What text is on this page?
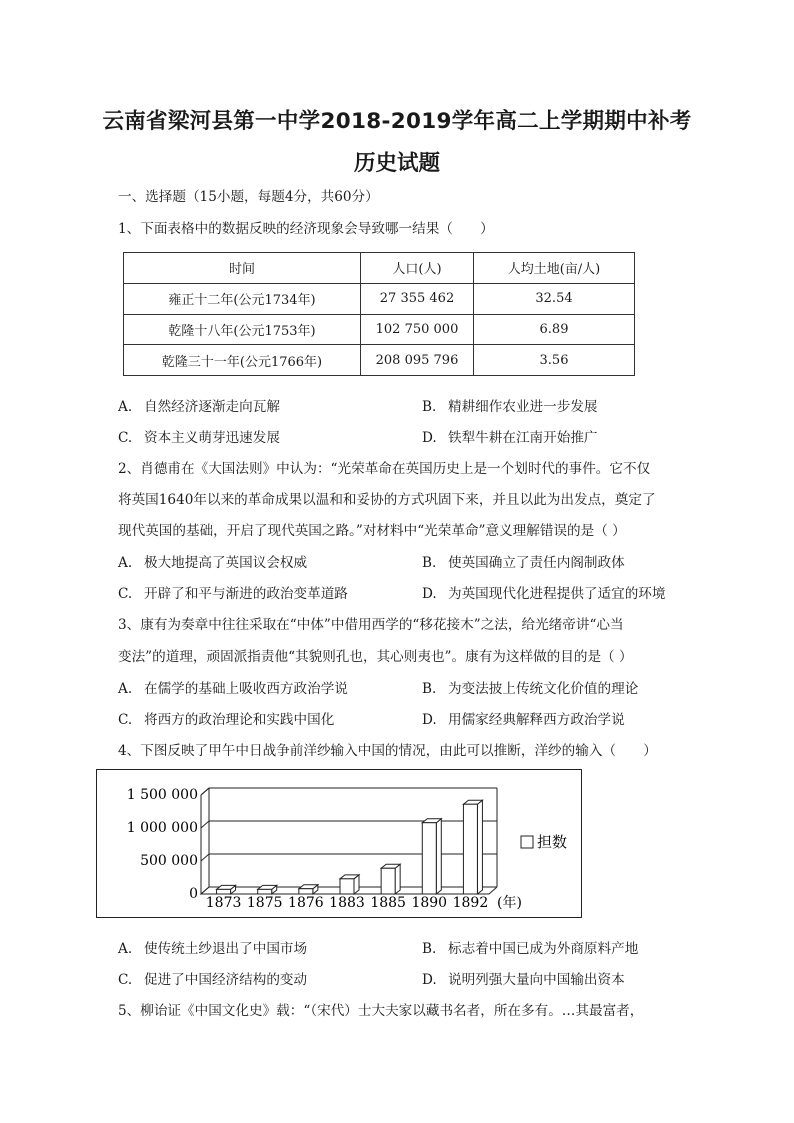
云南省梁河县第一中学2018-2019学年高二上学期期中补考
历史试题
一、选择题（15小题，每题4分，共60分）
1、下面表格中的数据反映的经济现象会导致哪一结果（　　）
时间	人口(人)	人均土地(亩/人)
雍正十二年(公元1734年)	27 355 462	32.54
乾隆十八年(公元1753年)	102 750 000	6.89
乾隆三十一年(公元1766年)	208 095 796	3.56
A. 自然经济逐渐走向瓦解	B. 精耕细作农业进一步发展
C. 资本主义萌芽迅速发展	D. 铁犁牛耕在江南开始推广
2、肖德甫在《大国法则》中认为：“光荣革命在英国历史上是一个划时代的事件。它不仅
将英国1640年以来的革命成果以温和和妥协的方式巩固下来，并且以此为出发点，奠定了
现代英国的基础，开启了现代英国之路。”对材料中“光荣革命”意义理解错误的是（ ）
A. 极大地提高了英国议会权威	B. 使英国确立了责任内阁制政体
C. 开辟了和平与渐进的政治变革道路	D. 为英国现代化进程提供了适宜的环境
3、康有为奏章中往往采取在“中体”中借用西学的“移花接木”之法，给光绪帝讲“心当
变法”的道理，顽固派指责他“其貌则孔也，其心则夷也”。康有为这样做的目的是（ ）
A. 在儒学的基础上吸收西方政治学说	B. 为变法披上传统文化价值的理论
C. 将西方的政治理论和实践中国化	D. 用儒家经典解释西方政治学说
4、下图反映了甲午中日战争前洋纱输入中国的情况，由此可以推断，洋纱的输入（　　）
1 500 000
1 000 000
500 000
0
1873 1875 1876 1883 1885 1890 1892 (年)
担数
A. 使传统土纱退出了中国市场	B. 标志着中国已成为外商原料产地
C. 促进了中国经济结构的变动	D. 说明列强大量向中国输出资本
5、柳诒证《中国文化史》载：“（宋代）士大夫家以藏书名者，所在多有。…其最富者，
